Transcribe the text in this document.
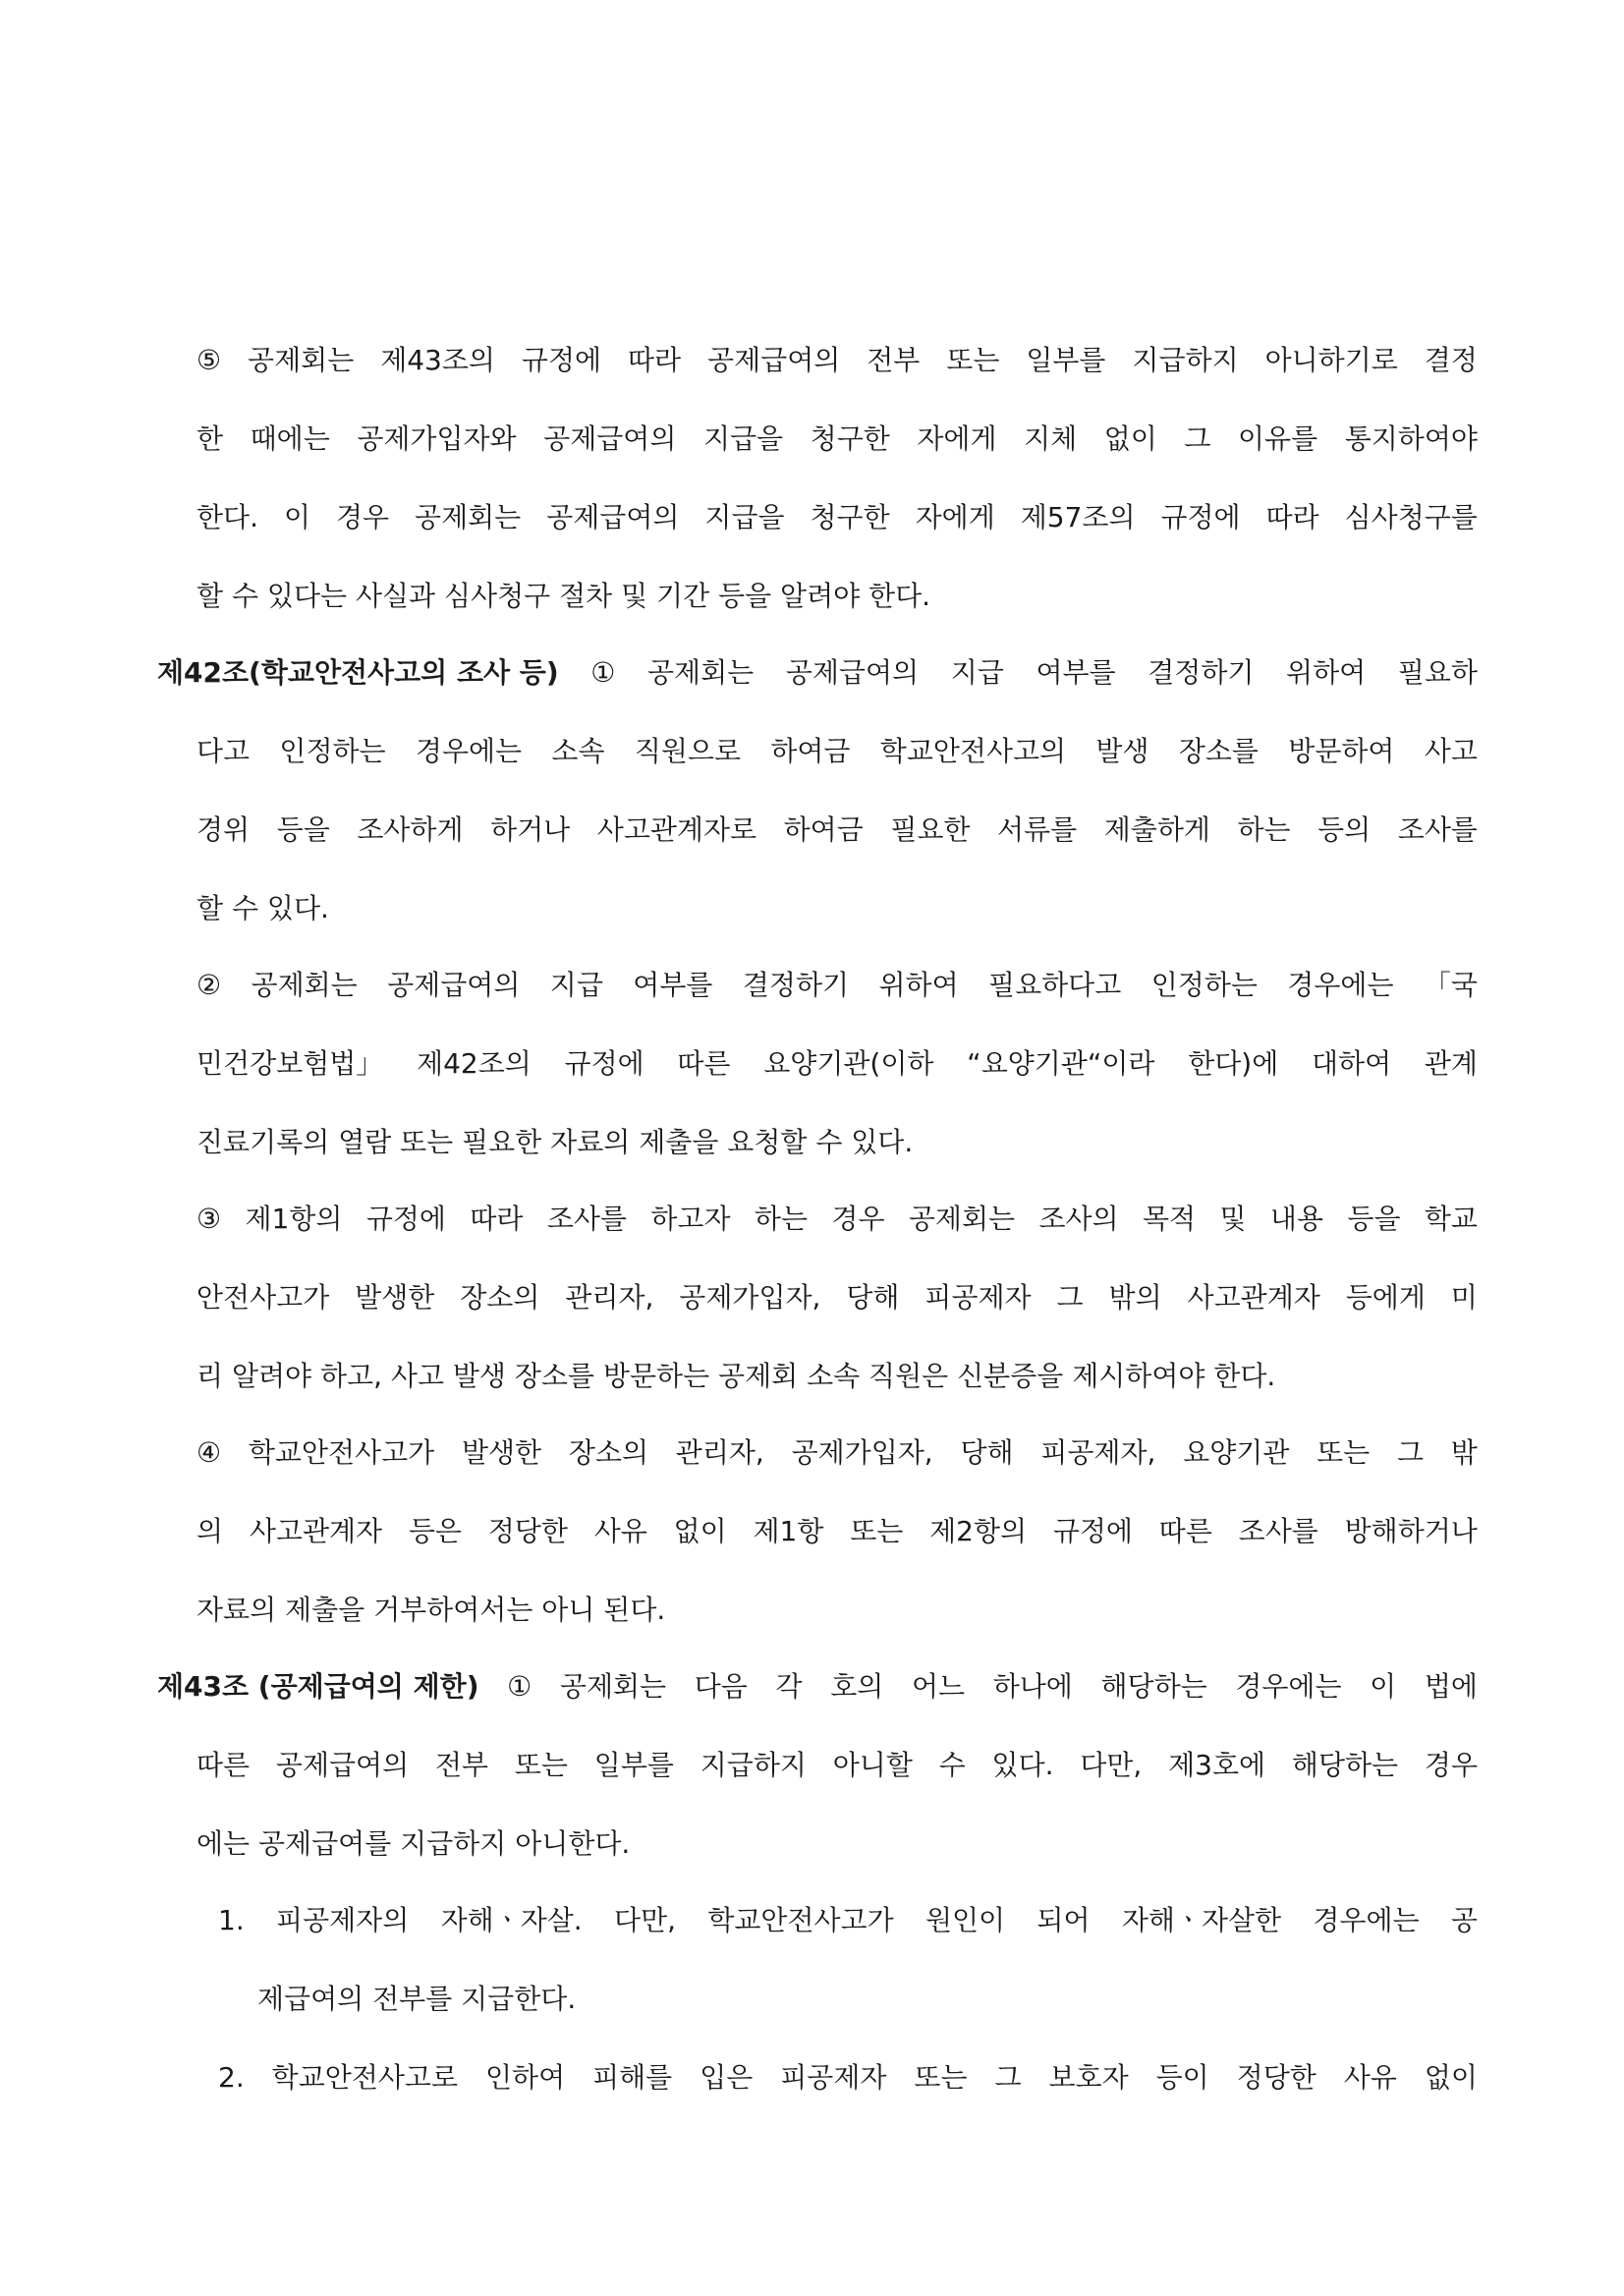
⑤ 공제회는 제43조의 규정에 따라 공제급여의 전부 또는 일부를 지급하지 아니하기로 결정
한 때에는 공제가입자와 공제급여의 지급을 청구한 자에게 지체 없이 그 이유를 통지하여야
한다. 이 경우 공제회는 공제급여의 지급을 청구한 자에게 제57조의 규정에 따라 심사청구를
할 수 있다는 사실과 심사청구 절차 및 기간 등을 알려야 한다.
제42조(학교안전사고의 조사 등) ① 공제회는 공제급여의 지급 여부를 결정하기 위하여 필요하
다고 인정하는 경우에는 소속 직원으로 하여금 학교안전사고의 발생 장소를 방문하여 사고
경위 등을 조사하게 하거나 사고관계자로 하여금 필요한 서류를 제출하게 하는 등의 조사를
할 수 있다.
② 공제회는 공제급여의 지급 여부를 결정하기 위하여 필요하다고 인정하는 경우에는 「국
민건강보험법」 제42조의 규정에 따른 요양기관(이하 “요양기관“이라 한다)에 대하여 관계
진료기록의 열람 또는 필요한 자료의 제출을 요청할 수 있다.
③ 제1항의 규정에 따라 조사를 하고자 하는 경우 공제회는 조사의 목적 및 내용 등을 학교
안전사고가 발생한 장소의 관리자, 공제가입자, 당해 피공제자 그 밖의 사고관계자 등에게 미
리 알려야 하고, 사고 발생 장소를 방문하는 공제회 소속 직원은 신분증을 제시하여야 한다.
④ 학교안전사고가 발생한 장소의 관리자, 공제가입자, 당해 피공제자, 요양기관 또는 그 밖
의 사고관계자 등은 정당한 사유 없이 제1항 또는 제2항의 규정에 따른 조사를 방해하거나
자료의 제출을 거부하여서는 아니 된다.
제43조 (공제급여의 제한) ① 공제회는 다음 각 호의 어느 하나에 해당하는 경우에는 이 법에
따른 공제급여의 전부 또는 일부를 지급하지 아니할 수 있다. 다만, 제3호에 해당하는 경우
에는 공제급여를 지급하지 아니한다.
1. 피공제자의 자해ㆍ자살. 다만, 학교안전사고가 원인이 되어 자해ㆍ자살한 경우에는 공
제급여의 전부를 지급한다.
2. 학교안전사고로 인하여 피해를 입은 피공제자 또는 그 보호자 등이 정당한 사유 없이
